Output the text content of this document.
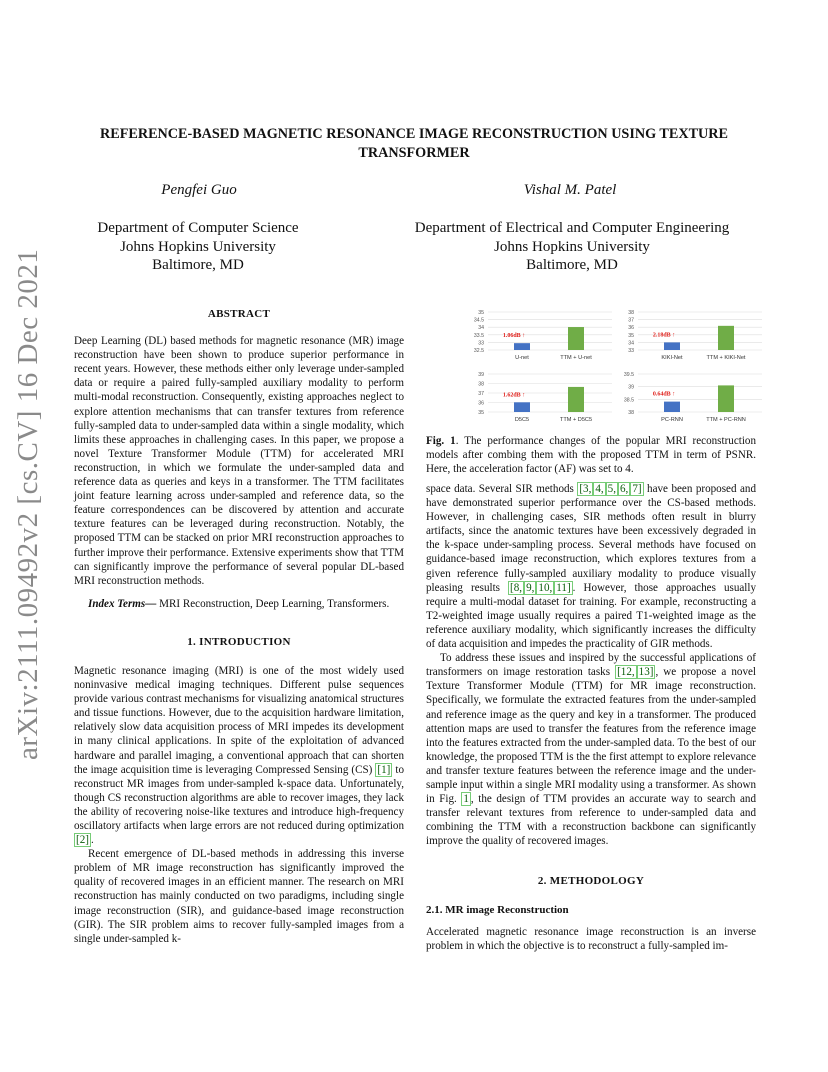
arXiv:2111.09492v2 [cs.CV] 16 Dec 2021
REFERENCE-BASED MAGNETIC RESONANCE IMAGE RECONSTRUCTION USING TEXTURE TRANSFORMER
Pengfei Guo	Vishal M. Patel
Department of Computer Science
Johns Hopkins University
Baltimore, MD
Department of Electrical and Computer Engineering
Johns Hopkins University
Baltimore, MD
ABSTRACT

Deep Learning (DL) based methods for magnetic resonance (MR) image reconstruction have been shown to produce superior performance in recent years. However, these methods either only leverage under-sampled data or require a paired fully-sampled auxiliary modality to perform multi-modal reconstruction. Consequently, existing approaches neglect to explore attention mechanisms that can transfer textures from reference fully-sampled data to under-sampled data within a single modality, which limits these approaches in challenging cases. In this paper, we propose a novel Texture Transformer Module (TTM) for accelerated MRI reconstruction, in which we formulate the under-sampled data and reference data as queries and keys in a transformer. The TTM facilitates joint feature learning across under-sampled and reference data, so the feature correspondences can be discovered by attention and accurate texture features can be leveraged during reconstruction. Notably, the proposed TTM can be stacked on prior MRI reconstruction approaches to further improve their performance. Extensive experiments show that TTM can significantly improve the performance of several popular DL-based MRI reconstruction methods.

Index Terms— MRI Reconstruction, Deep Learning, Transformers.

1. INTRODUCTION

Magnetic resonance imaging (MRI) is one of the most widely used noninvasive medical imaging techniques. Different pulse sequences provide various contrast mechanisms for visualizing anatomical structures and tissue functions. However, due to the acquisition hardware limitation, relatively slow data acquisition process of MRI impedes its development in many clinical applications. In spite of the exploitation of advanced hardware and parallel imaging, a conventional approach that can shorten the image acquisition time is leveraging Compressed Sensing (CS) [1] to reconstruct MR images from under-sampled k-space data. Unfortunately, though CS reconstruction algorithms are able to recover images, they lack the ability of recovering noise-like textures and introduce high-frequency oscillatory artifacts when large errors are not reduced during optimization [2] .

Recent emergence of DL-based methods in addressing this inverse problem of MR image reconstruction has significantly improved the quality of recovered images in an efficient manner. The research on MRI reconstruction has mainly conducted on two paradigms, including single image reconstruction (SIR), and guidance-based image reconstruction (GIR). The SIR problem aims to recover fully-sampled images from a single under-sampled k-

35
34.5
34
33.5
33
32.5
U-net	TTM + U-net
1.06dB ↑
38
37
36
35
34
33
KIKI-Net	TTM + KIKI-Net
2.18dB ↑
39
38
37
36
35
D5C5	TTM + D5C5
1.62dB ↑
39.5
39
38.5
38
PC-RNN	TTM + PC-RNN
0.64dB ↑
Fig. 1. The performance changes of the popular MRI reconstruction models after combing them with the proposed TTM in term of PSNR. Here, the acceleration factor (AF) was set to 4.

space data. Several SIR methods [3, 4, 5, 6, 7] have been proposed and have demonstrated superior performance over the CS-based methods. However, in challenging cases, SIR methods often result in blurry artifacts, since the anatomic textures have been excessively degraded in the k-space under-sampling process. Several methods have focused on guidance-based image reconstruction, which explores textures from a given reference fully-sampled auxiliary modality to produce visually pleasing results [8, 9, 10, 11] . However, those approaches usually require a multi-modal dataset for training. For example, reconstructing a T2-weighted image usually requires a paired T1-weighted image as the reference auxiliary modality, which significantly increases the difficulty of data acquisition and impedes the practicality of GIR methods.

To address these issues and inspired by the successful applications of transformers on image restoration tasks [12, 13] , we propose a novel Texture Transformer Module (TTM) for MR image reconstruction. Specifically, we formulate the extracted features from the under-sampled and reference image as the query and key in a transformer. The produced attention maps are used to transfer the features from the reference image into the features extracted from the under-sampled data. To the best of our knowledge, the proposed TTM is the the first attempt to explore relevance and transfer texture features between the reference image and the under-sample input within a single MRI modality using a transformer. As shown in Fig. 1 , the design of TTM provides an accurate way to search and transfer relevant textures from reference to under-sampled data and combining the TTM with a reconstruction backbone can significantly improve the quality of recovered images.

2. METHODOLOGY
2.1. MR image Reconstruction

Accelerated magnetic resonance image reconstruction is an inverse problem in which the objective is to reconstruct a fully-sampled im-
